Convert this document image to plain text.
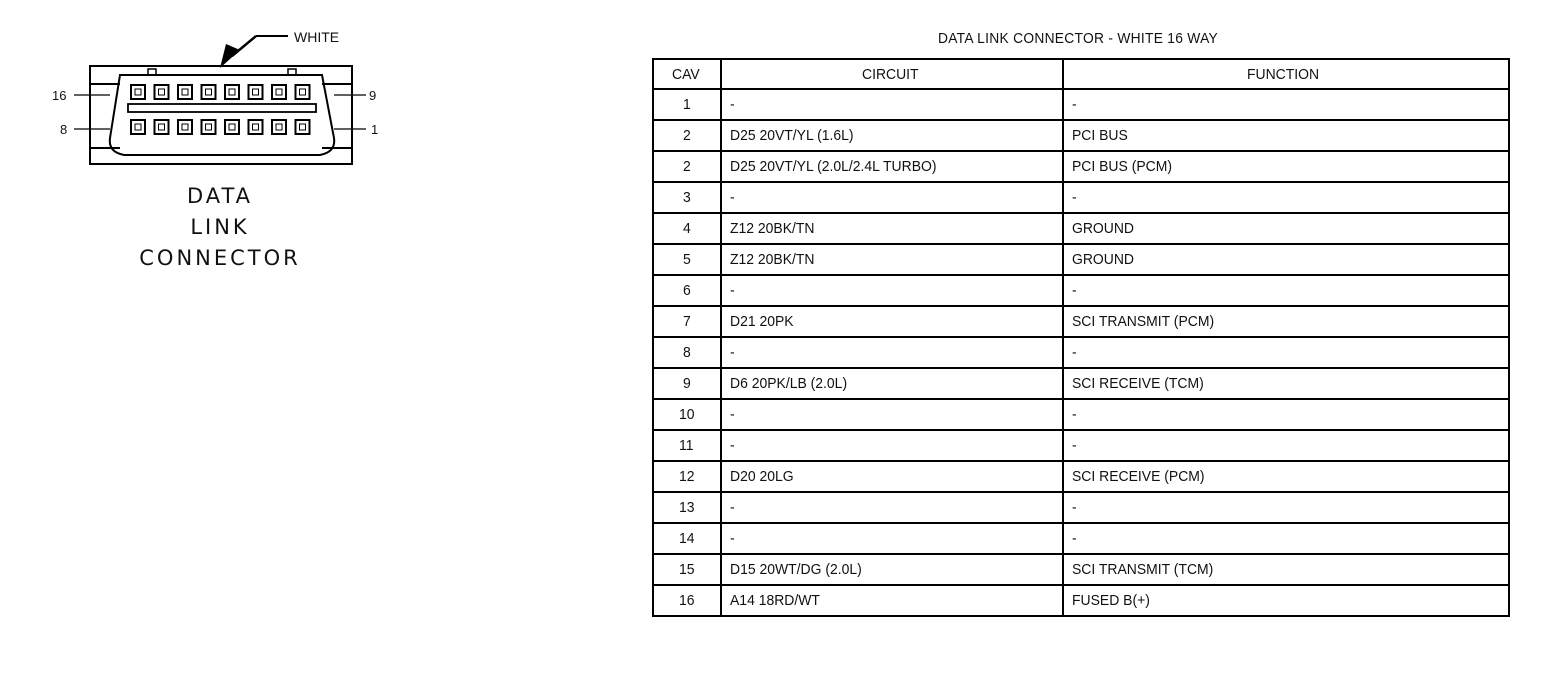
WHITE
16
8
9
1
DATA
LINK
CONNECTOR
DATA LINK CONNECTOR - WHITE 16 WAY
CAV	CIRCUIT	FUNCTION
1	-	-
2	D25 20VT/YL (1.6L)	PCI BUS
2	D25 20VT/YL (2.0L/2.4L TURBO)	PCI BUS (PCM)
3	-	-
4	Z12 20BK/TN	GROUND
5	Z12 20BK/TN	GROUND
6	-	-
7	D21 20PK	SCI TRANSMIT (PCM)
8	-	-
9	D6 20PK/LB (2.0L)	SCI RECEIVE (TCM)
10	-	-
11	-	-
12	D20 20LG	SCI RECEIVE (PCM)
13	-	-
14	-	-
15	D15 20WT/DG (2.0L)	SCI TRANSMIT (TCM)
16	A14 18RD/WT	FUSED B(+)
